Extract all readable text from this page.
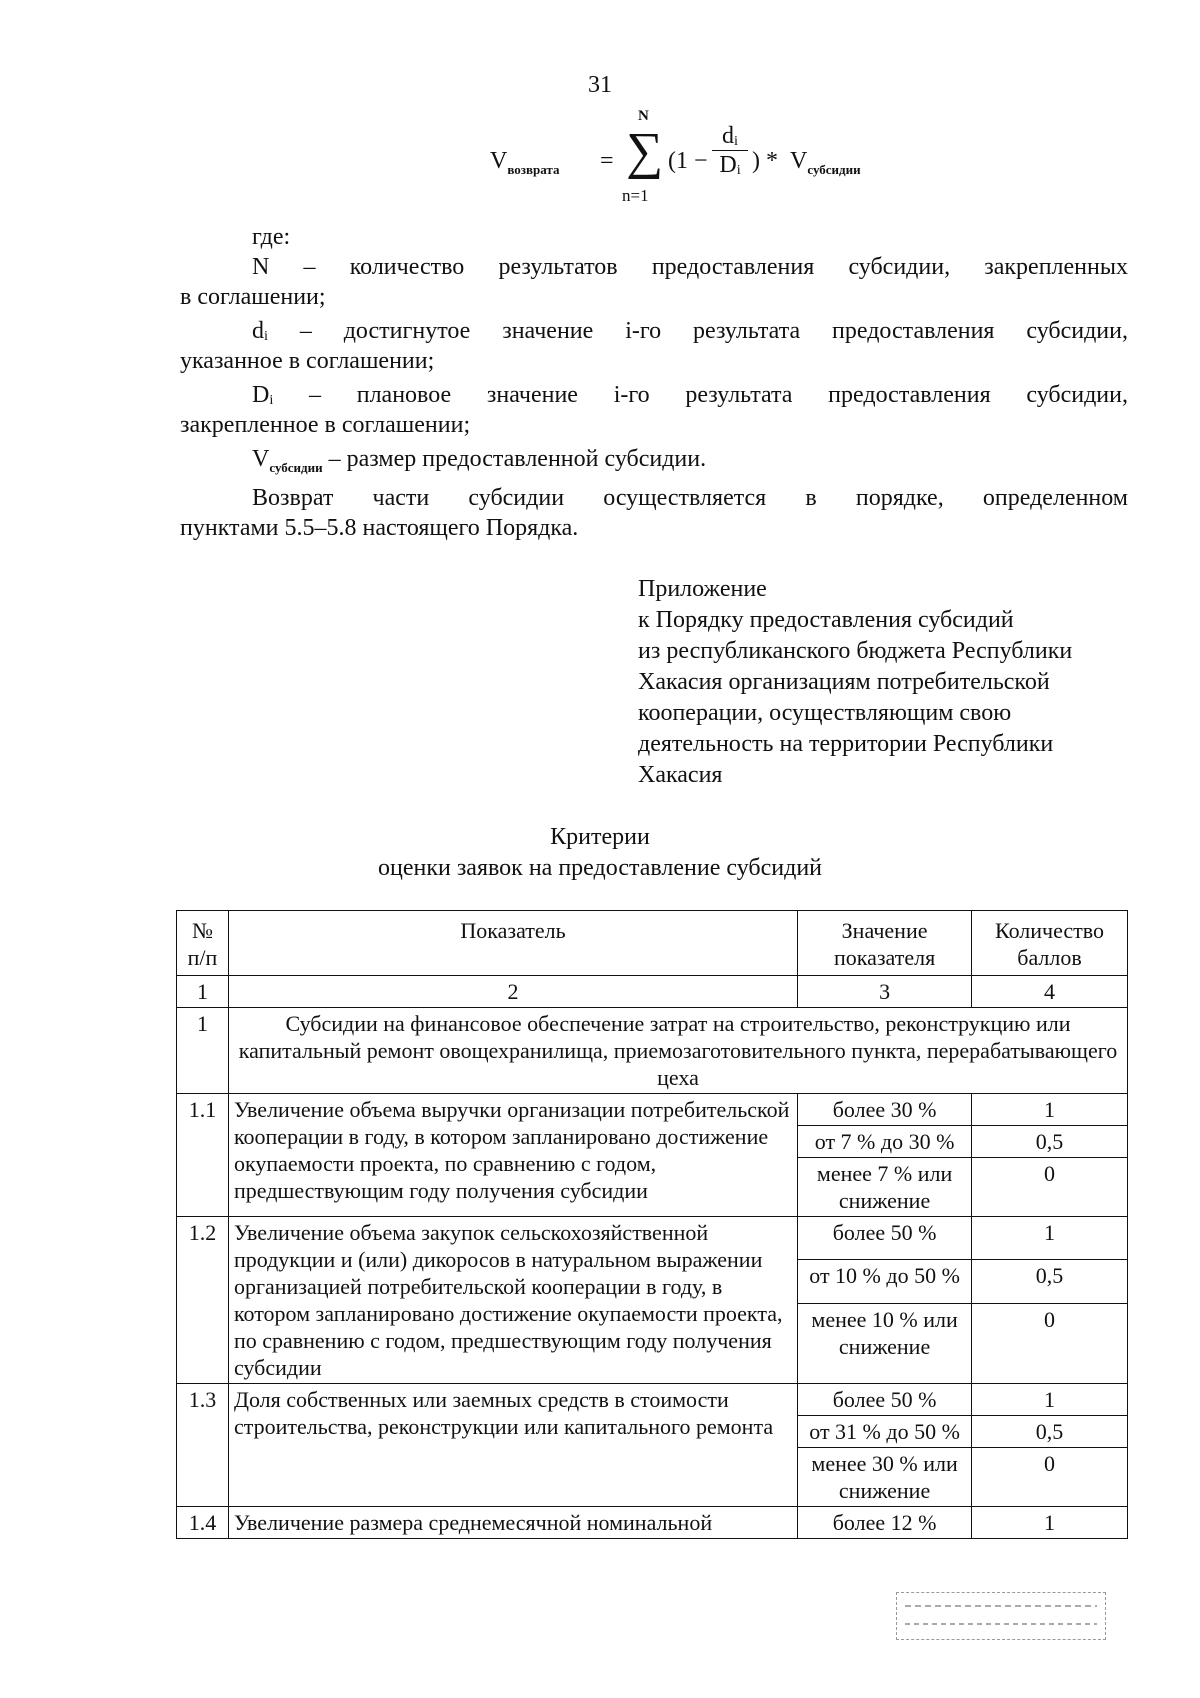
31
$V_{возврата}$ =
N
∑
n=1
($1 - \frac{\text{dᵢ}}{\text{Dᵢ}}$ ) * $V_{субсидии}$

где:

N – количество результатов предоставления субсидии, закрепленных

в соглашении;

dᵢ – достигнутое значение i-го результата предоставления субсидии,

указанное в соглашении;

Dᵢ – плановое значение i-го результата предоставления субсидии,

закрепленное в соглашении;

$V_{субсидии}$ – размер предоставленной субсидии.

Возврат части субсидии осуществляется в порядке, определенном

пунктами 5.5–5.8 настоящего Порядка.

Приложение
к Порядку предоставления субсидий
из республиканского бюджета Республики
Хакасия организациям потребительской
кооперации, осуществляющим свою
деятельность на территории Республики
Хакасия
Критерии
оценки заявок на предоставление субсидий
№ п/п	Показатель	Значение показателя	Количество баллов
1	2	3	4
1	Субсидии на финансовое обеспечение затрат на строительство, реконструкцию или капитальный ремонт овощехранилища, приемозаготовительного пункта, перерабатывающего цеха		
1.1	Увеличение объема выручки организации потребительской кооперации в году, в котором запланировано достижение окупаемости проекта, по сравнению с годом, предшествующим году получения субсидии	более 30 %	1
		от 7 % до 30 %	0,5
		менее 7 % или снижение	0
1.2	Увеличение объема закупок сельскохозяйственной продукции и (или) дикоросов в натуральном выражении организацией потребительской кооперации в году, в котором запланировано достижение окупаемости проекта, по сравнению с годом, предшествующим году получения субсидии	более 50 %	1
		от 10 % до 50 %	0,5
		менее 10 % или снижение	0
1.3	Доля собственных или заемных средств в стоимости строительства, реконструкции или капитального ремонта	более 50 %	1
		от 31 % до 50 %	0,5
		менее 30 % или снижение	0
1.4	Увеличение размера среднемесячной номинальной	более 12 %	1
